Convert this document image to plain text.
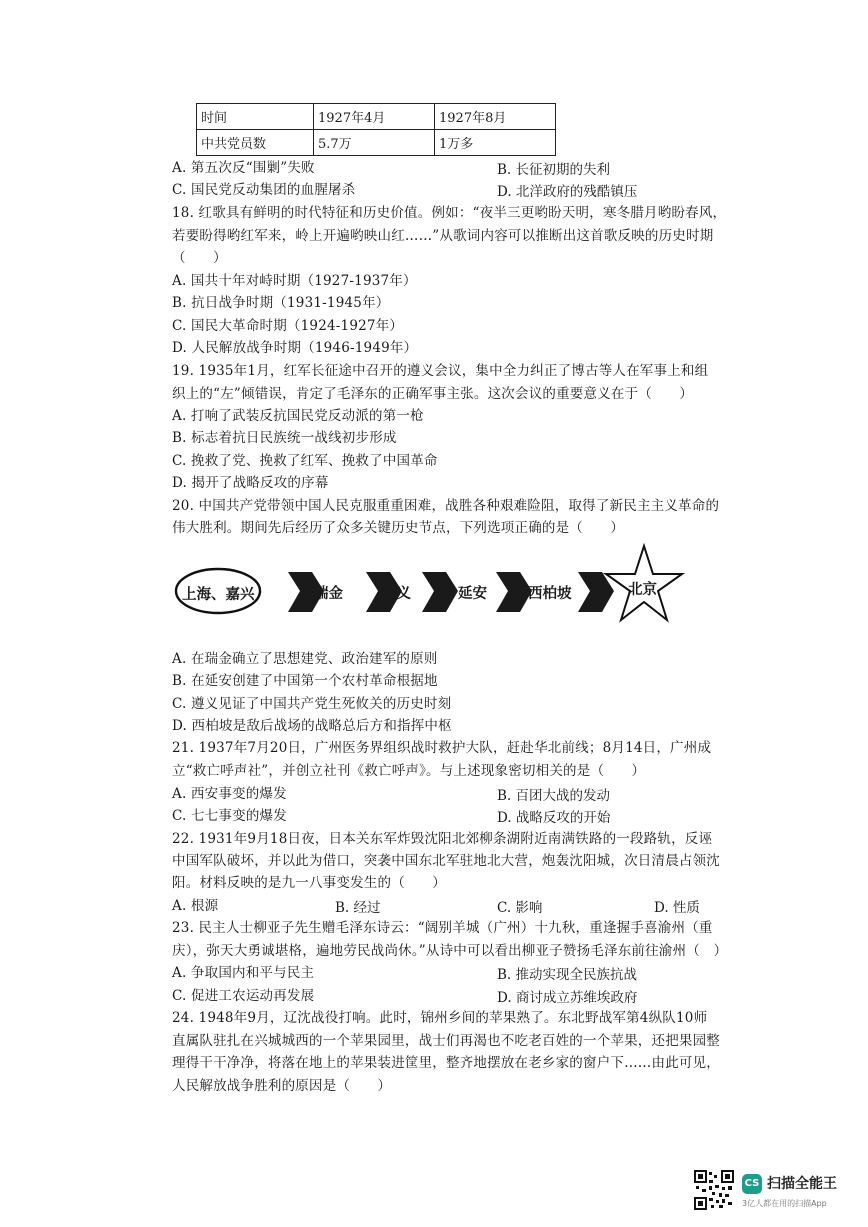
时间	1927年4月	1927年8月
中共党员数	5.7万	1万多
A. 第五次反“围剿”失败	B. 长征初期的失利
C. 国民党反动集团的血腥屠杀	D. 北洋政府的残酷镇压
18. 红歌具有鲜明的时代特征和历史价值。例如：“夜半三更哟盼天明，寒冬腊月哟盼春风，
若要盼得哟红军来，岭上开遍哟映山红……”从歌词内容可以推断出这首歌反映的历史时期
（　　）
A. 国共十年对峙时期（1927-1937年）
B. 抗日战争时期（1931-1945年）
C. 国民大革命时期（1924-1927年）
D. 人民解放战争时期（1946-1949年）
19. 1935年1月，红军长征途中召开的遵义会议，集中全力纠正了博古等人在军事上和组
织上的“左”倾错误，肯定了毛泽东的正确军事主张。这次会议的重要意义在于（　　）
A. 打响了武装反抗国民党反动派的第一枪
B. 标志着抗日民族统一战线初步形成
C. 挽救了党、挽救了红军、挽救了中国革命
D. 揭开了战略反攻的序幕
20. 中国共产党带领中国人民克服重重困难，战胜各种艰难险阻，取得了新民主主义革命的
伟大胜利。期间先后经历了众多关键历史节点，下列选项正确的是（　　）
上海、嘉兴	瑞金	遵义	延安	西柏坡	北京
A. 在瑞金确立了思想建党、政治建军的原则
B. 在延安创建了中国第一个农村革命根据地
C. 遵义见证了中国共产党生死攸关的历史时刻
D. 西柏坡是敌后战场的战略总后方和指挥中枢
21. 1937年7月20日，广州医务界组织战时救护大队，赶赴华北前线；8月14日，广州成
立“救亡呼声社”，并创立社刊《救亡呼声》。与上述现象密切相关的是（　　）
A. 西安事变的爆发	B. 百团大战的发动
C. 七七事变的爆发	D. 战略反攻的开始
22. 1931年9月18日夜，日本关东军炸毁沈阳北郊柳条湖附近南满铁路的一段路轨，反诬
中国军队破坏，并以此为借口，突袭中国东北军驻地北大营，炮轰沈阳城，次日清晨占领沈
阳。材料反映的是九一八事变发生的（　　）
A. 根源	B. 经过	C. 影响	D. 性质
23. 民主人士柳亚子先生赠毛泽东诗云：“阔别羊城（广州）十九秋，重逢握手喜渝州（重
庆），弥天大勇诚堪格，遍地劳民战尚休。”从诗中可以看出柳亚子赞扬毛泽东前往渝州（　）
A. 争取国内和平与民主	B. 推动实现全民族抗战
C. 促进工农运动再发展	D. 商讨成立苏维埃政府
24. 1948年9月，辽沈战役打响。此时，锦州乡间的苹果熟了。东北野战军第4纵队10师
直属队驻扎在兴城城西的一个苹果园里，战士们再渴也不吃老百姓的一个苹果，还把果园整
理得干干净净，将落在地上的苹果装进筐里，整齐地摆放在老乡家的窗户下……由此可见，
人民解放战争胜利的原因是（　　）
CS 扫描全能王
3亿人都在用的扫描App
